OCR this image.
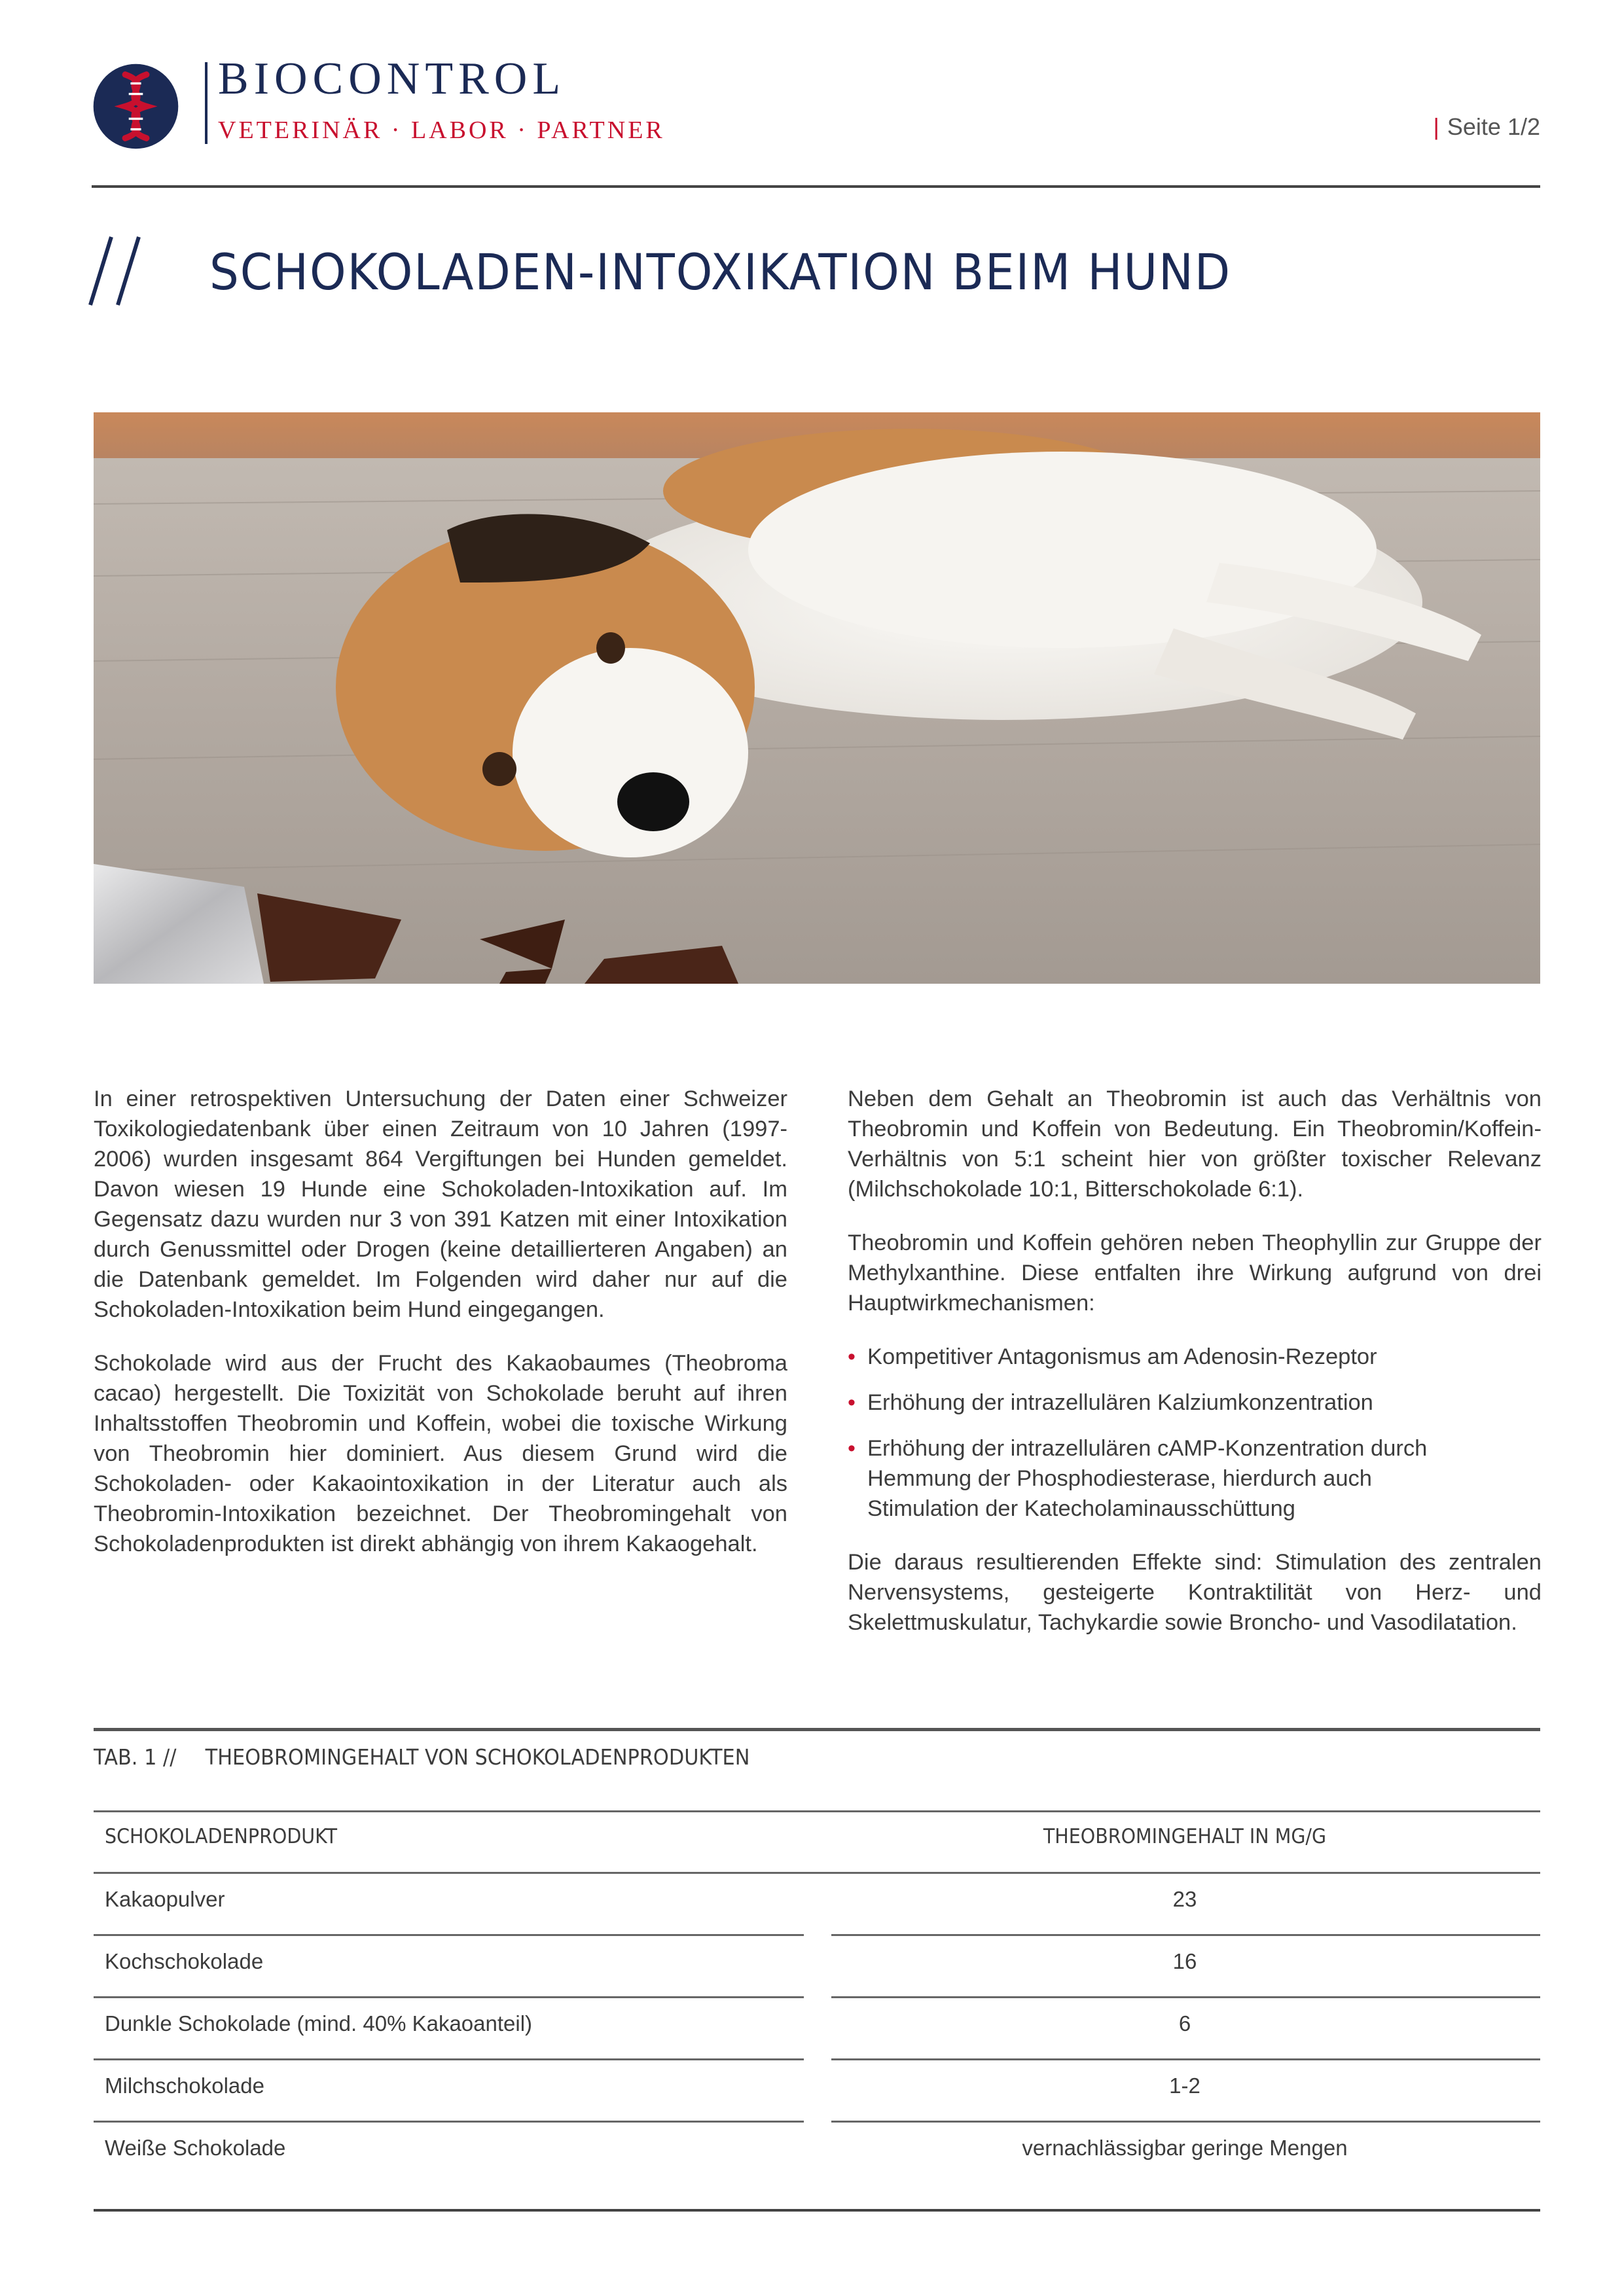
BIOCONTROL
VETERINÄR · LABOR · PARTNER	| Seite 1/2
SCHOKOLADEN-INTOXIKATION BEIM HUND

In einer retrospektiven Untersuchung der Daten einer Schweizer Toxikologiedatenbank über einen Zeitraum von 10 Jahren (1997-2006) wurden insgesamt 864 Vergiftungen bei Hunden gemeldet. Davon wiesen 19 Hunde eine Schokoladen-Intoxikation auf. Im Gegensatz dazu wurden nur 3 von 391 Katzen mit einer Intoxikation durch Genussmittel oder Drogen (keine detaillierteren Angaben) an die Datenbank gemeldet. Im Folgenden wird daher nur auf die Schokoladen-Intoxikation beim Hund eingegangen.

Schokolade wird aus der Frucht des Kakaobaumes (Theobroma cacao) hergestellt. Die Toxizität von Schokolade beruht auf ihren Inhaltsstoffen Theobromin und Koffein, wobei die toxische Wirkung von Theobromin hier dominiert. Aus diesem Grund wird die Schokoladen- oder Kakaointoxikation in der Literatur auch als Theobromin-Intoxikation bezeichnet. Der Theobromingehalt von Schokoladenprodukten ist direkt abhängig von ihrem Kakaogehalt.

Neben dem Gehalt an Theobromin ist auch das Verhältnis von Theobromin und Koffein von Bedeutung. Ein Theobromin/Koffein-Verhältnis von 5:1 scheint hier von größter toxischer Relevanz (Milchschokolade 10:1, Bitterschokolade 6:1).

Theobromin und Koffein gehören neben Theophyllin zur Gruppe der Methylxanthine. Diese entfalten ihre Wirkung aufgrund von drei Hauptwirkmechanismen:

• Kompetitiver Antagonismus am Adenosin-Rezeptor
• Erhöhung der intrazellulären Kalziumkonzentration
• Erhöhung der intrazellulären cAMP-Konzentration durch Hemmung der Phosphodiesterase, hierdurch auch Stimulation der Katecholaminausschüttung

Die daraus resultierenden Effekte sind: Stimulation des zentralen Nervensystems, gesteigerte Kontraktilität von Herz- und Skelettmuskulatur, Tachykardie sowie Broncho- und Vasodilatation.

TAB. 1 // THEOBROMINGEHALT VON SCHOKOLADENPRODUKTEN
SCHOKOLADENPRODUKT	THEOBROMINGEHALT IN MG/G
Kakaopulver	23
Kochschokolade	16
Dunkle Schokolade (mind. 40% Kakaoanteil)	6
Milchschokolade	1-2
Weiße Schokolade	vernachlässigbar geringe Mengen
